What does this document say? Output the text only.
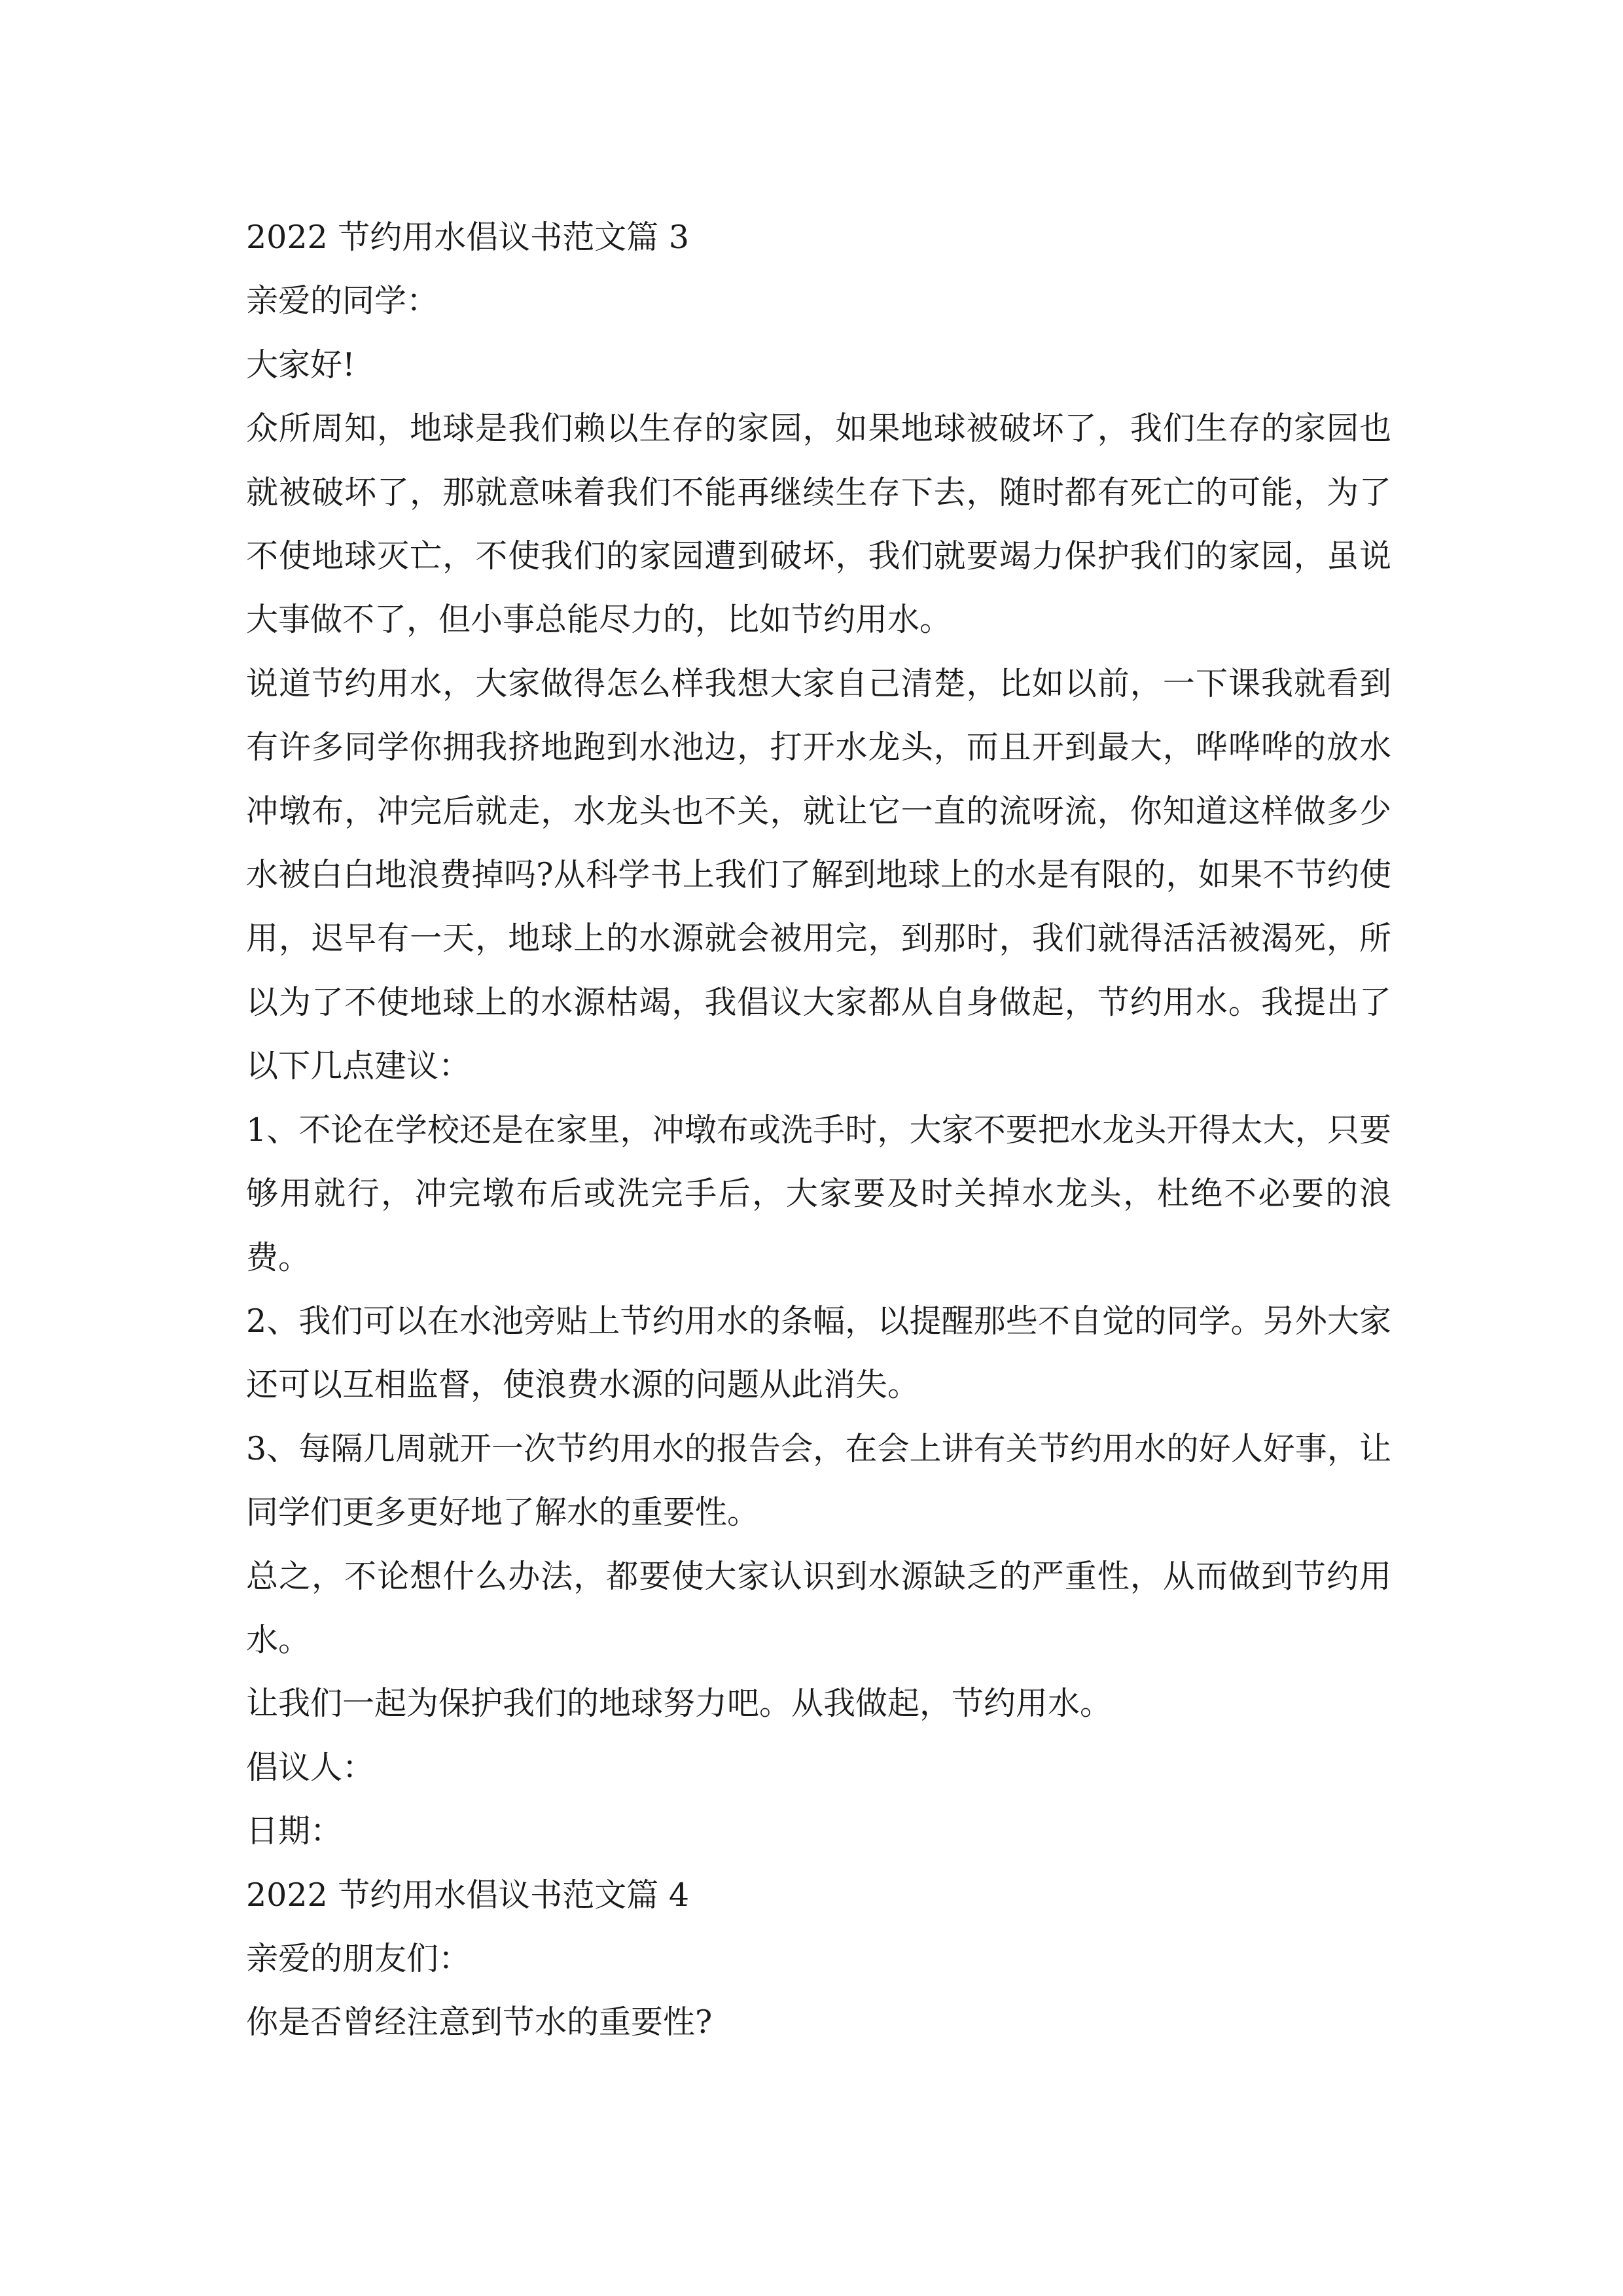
2022 节约用水倡议书范文篇 3

亲爱的同学：

大家好!

众所周知，地球是我们赖以生存的家园，如果地球被破坏了，我们生存的家园也就被破坏了，那就意味着我们不能再继续生存下去，随时都有死亡的可能，为了不使地球灭亡，不使我们的家园遭到破坏，我们就要竭力保护我们的家园，虽说大事做不了，但小事总能尽力的，比如节约用水。

说道节约用水，大家做得怎么样我想大家自己清楚，比如以前，一下课我就看到有许多同学你拥我挤地跑到水池边，打开水龙头，而且开到最大，哗哗哗的放水冲墩布，冲完后就走，水龙头也不关，就让它一直的流呀流，你知道这样做多少水被白白地浪费掉吗?从科学书上我们了解到地球上的水是有限的，如果不节约使用，迟早有一天，地球上的水源就会被用完，到那时，我们就得活活被渴死，所以为了不使地球上的水源枯竭，我倡议大家都从自身做起，节约用水。我提出了以下几点建议：

1、不论在学校还是在家里，冲墩布或洗手时，大家不要把水龙头开得太大，只要够用就行，冲完墩布后或洗完手后，大家要及时关掉水龙头，杜绝不必要的浪费。

2、我们可以在水池旁贴上节约用水的条幅，以提醒那些不自觉的同学。另外大家还可以互相监督，使浪费水源的问题从此消失。

3、每隔几周就开一次节约用水的报告会，在会上讲有关节约用水的好人好事，让同学们更多更好地了解水的重要性。

总之，不论想什么办法，都要使大家认识到水源缺乏的严重性，从而做到节约用水。

让我们一起为保护我们的地球努力吧。从我做起，节约用水。

倡议人：

日期：

2022 节约用水倡议书范文篇 4

亲爱的朋友们：

你是否曾经注意到节水的重要性?
